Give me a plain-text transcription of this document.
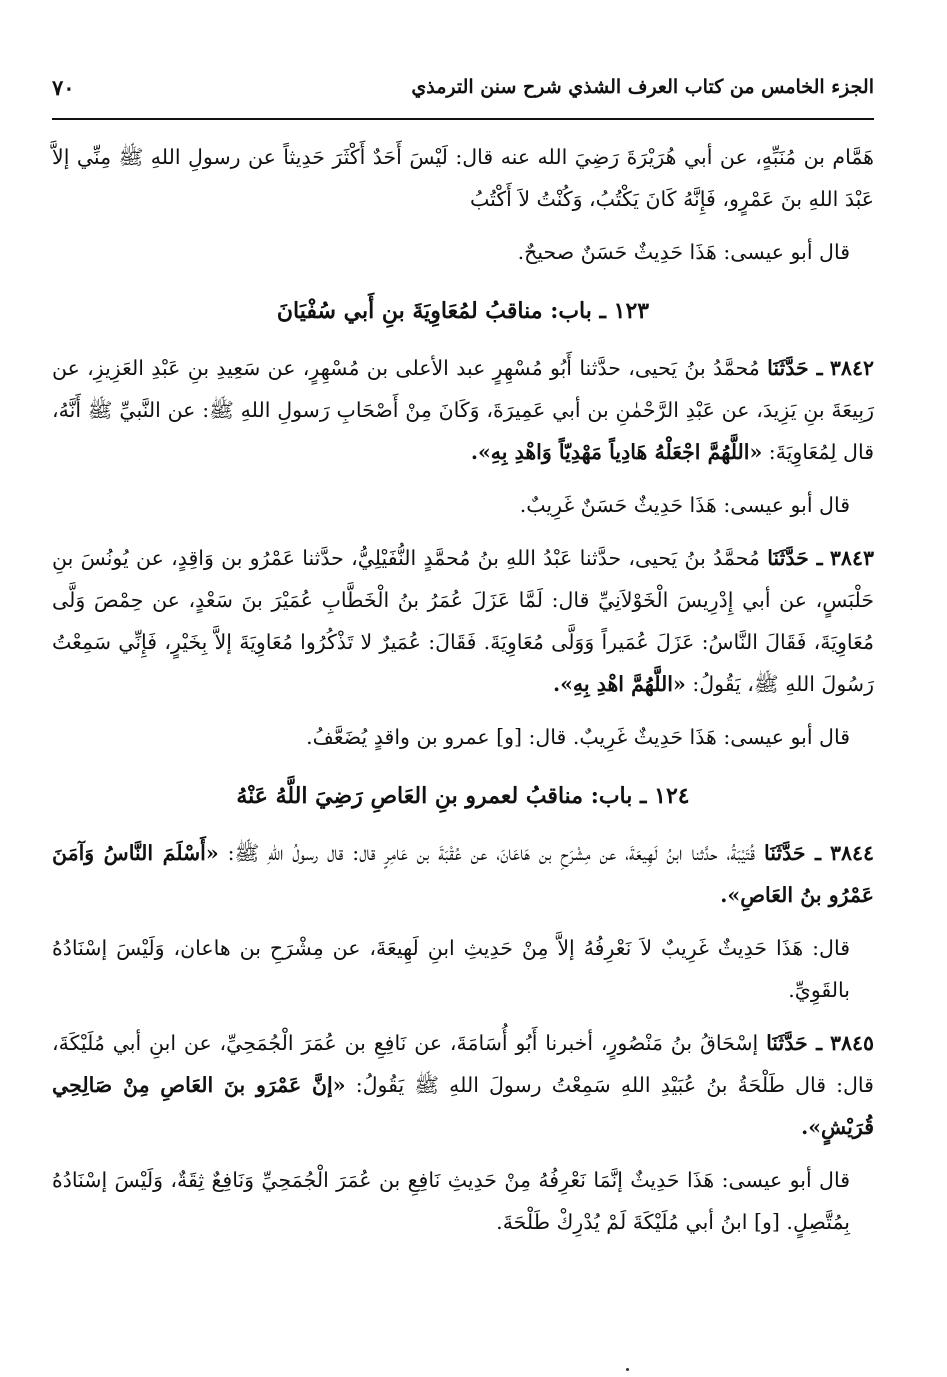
الجزء الخامس من كتاب العرف الشذي شرح سنن الترمذي
٧٠

هَمَّام بن مُنَبِّهٍ، عن أبي هُرَيْرَةَ رَضِيَ الله عنه قال: لَيْسَ أَحَدٌ أَكْثَرَ حَدِيثاً عن رسولِ اللهِ ﷺ مِنِّي إلاَّ عَبْدَ اللهِ بنَ عَمْرٍو، فَإِنَّهُ كَانَ يَكْتُبُ، وَكُنْتُ لاَ أَكْتُبُ

قال أبو عيسى: هَذَا حَدِيثٌ حَسَنٌ صحيحٌ.

١٢٣ ـ باب: مناقبُ لمُعَاوِيَةَ بنِ أَبي سُفْيَانَ

٣٨٤٢ ـ حَدَّثَنَا مُحمَّدُ بنُ يَحيى، حدَّثنا أَبُو مُسْهِرٍ عبد الأعلى بن مُسْهِرٍ، عن سَعِيدِ بنِ عَبْدِ العَزِيزِ، عن رَبِيعَةَ بنِ يَزِيدَ، عن عَبْدِ الرَّحْمٰنِ بن أبي عَمِيرَةَ، وَكَانَ مِنْ أَصْحَابِ رَسولِ اللهِ ﷺ: عن النَّبيِّ ﷺ أَنَّهُ، قال لِمُعَاوِيَةَ: «اللَّهُمَّ اجْعَلْهُ هَادِياً مَهْدِيّاً وَاهْدِ بِهِ».

قال أبو عيسى: هَذَا حَدِيثٌ حَسَنٌ غَرِيبٌ.

٣٨٤٣ ـ حَدَّثَنَا مُحمَّدُ بنُ يَحيى، حدَّثنا عَبْدُ اللهِ بنُ مُحمَّدٍ النُّفَيْلِيُّ، حدَّثنا عَمْرُو بن وَاقِدٍ، عن يُونُسَ بنِ حَلْبَسٍ، عن أبي إِدْرِيسَ الْخَوْلاَنِيِّ قال: لَمَّا عَزَلَ عُمَرُ بنُ الْخَطَّابِ عُمَيْرَ بنَ سَعْدٍ، عن حِمْصَ وَلَّى مُعَاوِيَةَ، فَقَالَ النَّاسُ: عَزَلَ عُمَيراً وَوَلَّى مُعَاوِيَةَ. فَقَالَ: عُمَيرٌ لا تَذْكُرُوا مُعَاوِيَةَ إلاَّ بِخَيْرٍ، فَإِنِّي سَمِعْتُ رَسُولَ اللهِ ﷺ، يَقُولُ: «اللَّهُمَّ اهْدِ بِهِ».

قال أبو عيسى: هَذَا حَدِيثٌ غَرِيبٌ. قال: [و] عمرو بن واقدٍ يُضَعَّفُ.

١٢٤ ـ باب: مناقبُ لعمرو بنِ العَاصِ رَضِيَ اللَّهُ عَنْهُ

٣٨٤٤ ـ حَدَّثَنَا قُتَيْبَةُ، حدَّثنا ابنُ لَهِيعَةَ، عن مِشْرَحِ بن هَاعَانَ، عن عُقْبَةَ بن عَامِرٍ قال: قال رسولُ اللهِ ﷺ: «أَسْلَمَ النَّاسُ وَآمَنَ عَمْرُو بنُ العَاصِ».

قال: هَذَا حَدِيثٌ غَرِيبٌ لاَ نَعْرِفُهُ إلاَّ مِنْ حَدِيثِ ابنِ لَهِيعَةَ، عن مِشْرَحِ بن هاعان، وَلَيْسَ إسْنَادُهُ بالقَوِيِّ.

٣٨٤٥ ـ حَدَّثَنَا إسْحَاقُ بنُ مَنْصُورٍ، أخبرنا أَبُو أُسَامَةَ، عن نَافِعِ بن عُمَرَ الْجُمَحِيِّ، عن ابنِ أبي مُلَيْكَةَ، قال: قال طَلْحَةُ بنُ عُبَيْدِ اللهِ سَمِعْتُ رسولَ اللهِ ﷺ يَقُولُ: «إنَّ عَمْرَو بنَ العَاصِ مِنْ صَالِحِي قُرَيْشٍ».

قال أبو عيسى: هَذَا حَدِيثٌ إنَّمَا نَعْرِفُهُ مِنْ حَدِيثِ نَافِعِ بن عُمَرَ الْجُمَحِيِّ وَنَافِعٌ ثِقَةٌ، وَلَيْسَ إسْنَادُهُ بِمُتَّصِلٍ. [و] ابنُ أبي مُلَيْكَةَ لَمْ يُدْرِكْ طَلْحَةَ.
